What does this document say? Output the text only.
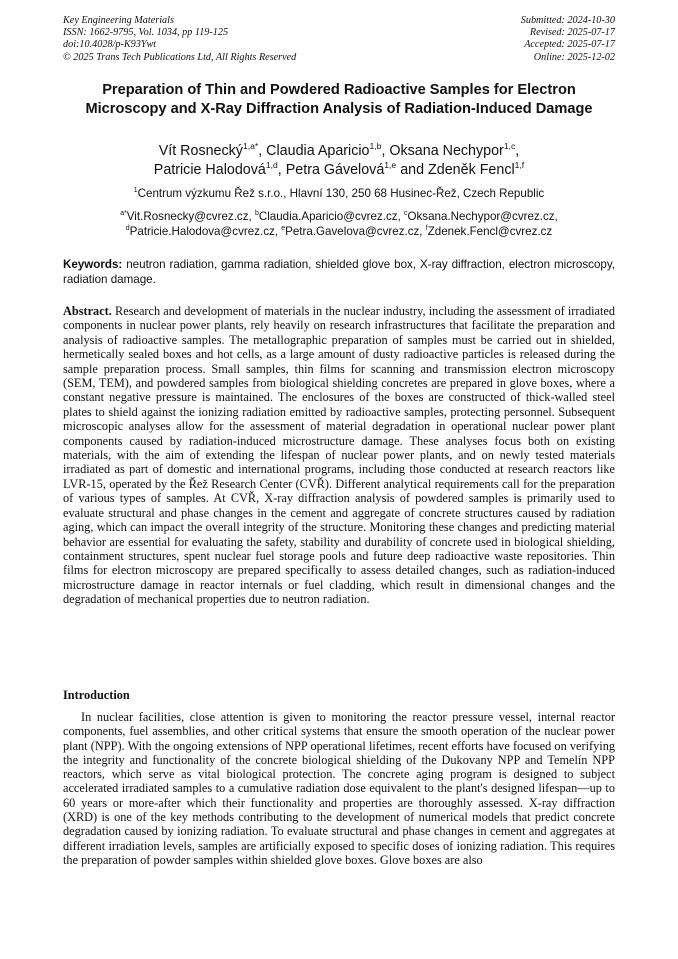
Key Engineering Materials
ISSN: 1662-9795, Vol. 1034, pp 119-125
doi:10.4028/p-K93Ywt
© 2025 Trans Tech Publications Ltd, All Rights Reserved
Submitted: 2024-10-30
Revised: 2025-07-17
Accepted: 2025-07-17
Online: 2025-12-02
Preparation of Thin and Powdered Radioactive Samples for Electron Microscopy and X-Ray Diffraction Analysis of Radiation-Induced Damage
Vít Rosnecký$^{1,a*}$, Claudia Aparicio$^{1,b}$, Oksana Nechypor$^{1,c}$,
Patricie Halodová$^{1,d}$, Petra Gávelová$^{1,e}$ and Zdeněk Fencl$^{1,f}$
$^1$Centrum výzkumu Řež s.r.o., Hlavní 130, 250 68 Husinec-Řež, Czech Republic
$^{a*}$Vit.Rosnecky@cvrez.cz, $^b$Claudia.Aparicio@cvrez.cz, $^c$Oksana.Nechypor@cvrez.cz,
$^d$Patricie.Halodova@cvrez.cz, $^e$Petra.Gavelova@cvrez.cz, $^f$Zdenek.Fencl@cvrez.cz

Keywords: neutron radiation, gamma radiation, shielded glove box, X-ray diffraction, electron microscopy, radiation damage.

Abstract. Research and development of materials in the nuclear industry, including the assessment of irradiated components in nuclear power plants, rely heavily on research infrastructures that facilitate the preparation and analysis of radioactive samples. The metallographic preparation of samples must be carried out in shielded, hermetically sealed boxes and hot cells, as a large amount of dusty radioactive particles is released during the sample preparation process. Small samples, thin films for scanning and transmission electron microscopy (SEM, TEM), and powdered samples from biological shielding concretes are prepared in glove boxes, where a constant negative pressure is maintained. The enclosures of the boxes are constructed of thick-walled steel plates to shield against the ionizing radiation emitted by radioactive samples, protecting personnel. Subsequent microscopic analyses allow for the assessment of material degradation in operational nuclear power plant components caused by radiation-induced microstructure damage. These analyses focus both on existing materials, with the aim of extending the lifespan of nuclear power plants, and on newly tested materials irradiated as part of domestic and international programs, including those conducted at research reactors like LVR-15, operated by the Řež Research Center (CVŘ). Different analytical requirements call for the preparation of various types of samples. At CVŘ, X-ray diffraction analysis of powdered samples is primarily used to evaluate structural and phase changes in the cement and aggregate of concrete structures caused by radiation aging, which can impact the overall integrity of the structure. Monitoring these changes and predicting material behavior are essential for evaluating the safety, stability and durability of concrete used in biological shielding, containment structures, spent nuclear fuel storage pools and future deep radioactive waste repositories. Thin films for electron microscopy are prepared specifically to assess detailed changes, such as radiation-induced microstructure damage in reactor internals or fuel cladding, which result in dimensional changes and the degradation of mechanical properties due to neutron radiation.

Introduction

In nuclear facilities, close attention is given to monitoring the reactor pressure vessel, internal reactor components, fuel assemblies, and other critical systems that ensure the smooth operation of the nuclear power plant (NPP). With the ongoing extensions of NPP operational lifetimes, recent efforts have focused on verifying the integrity and functionality of the concrete biological shielding of the Dukovany NPP and Temelín NPP reactors, which serve as vital biological protection. The concrete aging program is designed to subject accelerated irradiated samples to a cumulative radiation dose equivalent to the plant's designed lifespan—up to 60 years or more-after which their functionality and properties are thoroughly assessed. X-ray diffraction (XRD) is one of the key methods contributing to the development of numerical models that predict concrete degradation caused by ionizing radiation. To evaluate structural and phase changes in cement and aggregates at different irradiation levels, samples are artificially exposed to specific doses of ionizing radiation. This requires the preparation of powder samples within shielded glove boxes. Glove boxes are also
